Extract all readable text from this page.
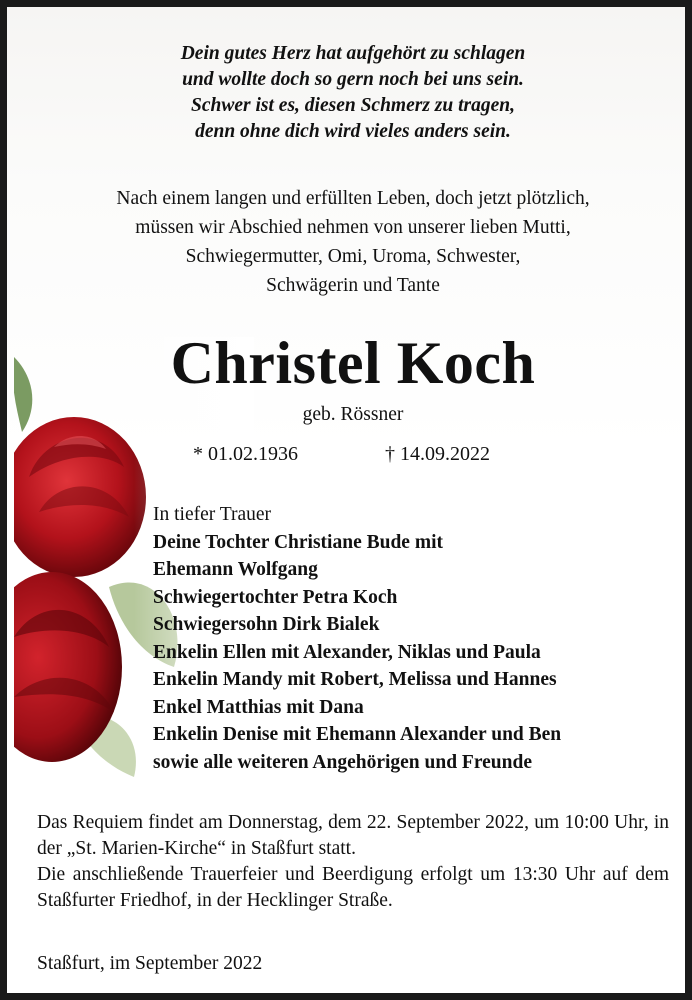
Dein gutes Herz hat aufgehört zu schlagen
und wollte doch so gern noch bei uns sein.
Schwer ist es, diesen Schmerz zu tragen,
denn ohne dich wird vieles anders sein.
Nach einem langen und erfüllten Leben, doch jetzt plötzlich,
müssen wir Abschied nehmen von unserer lieben Mutti,
Schwiegermutter, Omi, Uroma, Schwester,
Schwägerin und Tante
Christel Koch
geb. Rössner
* 01.02.1936	† 14.09.2022
In tiefer Trauer
Deine Tochter Christiane Bude mit
Ehemann Wolfgang
Schwiegertochter Petra Koch
Schwiegersohn Dirk Bialek
Enkelin Ellen mit Alexander, Niklas und Paula
Enkelin Mandy mit Robert, Melissa und Hannes
Enkel Matthias mit Dana
Enkelin Denise mit Ehemann Alexander und Ben
sowie alle weiteren Angehörigen und Freunde

Das Requiem findet am Donnerstag, dem 22. September 2022, um 10:00 Uhr, in der „St. Marien-Kirche“ in Staßfurt statt.

Die anschließende Trauerfeier und Beerdigung erfolgt um 13:30 Uhr auf dem Staßfurter Friedhof, in der Hecklinger Straße.

Staßfurt, im September 2022
